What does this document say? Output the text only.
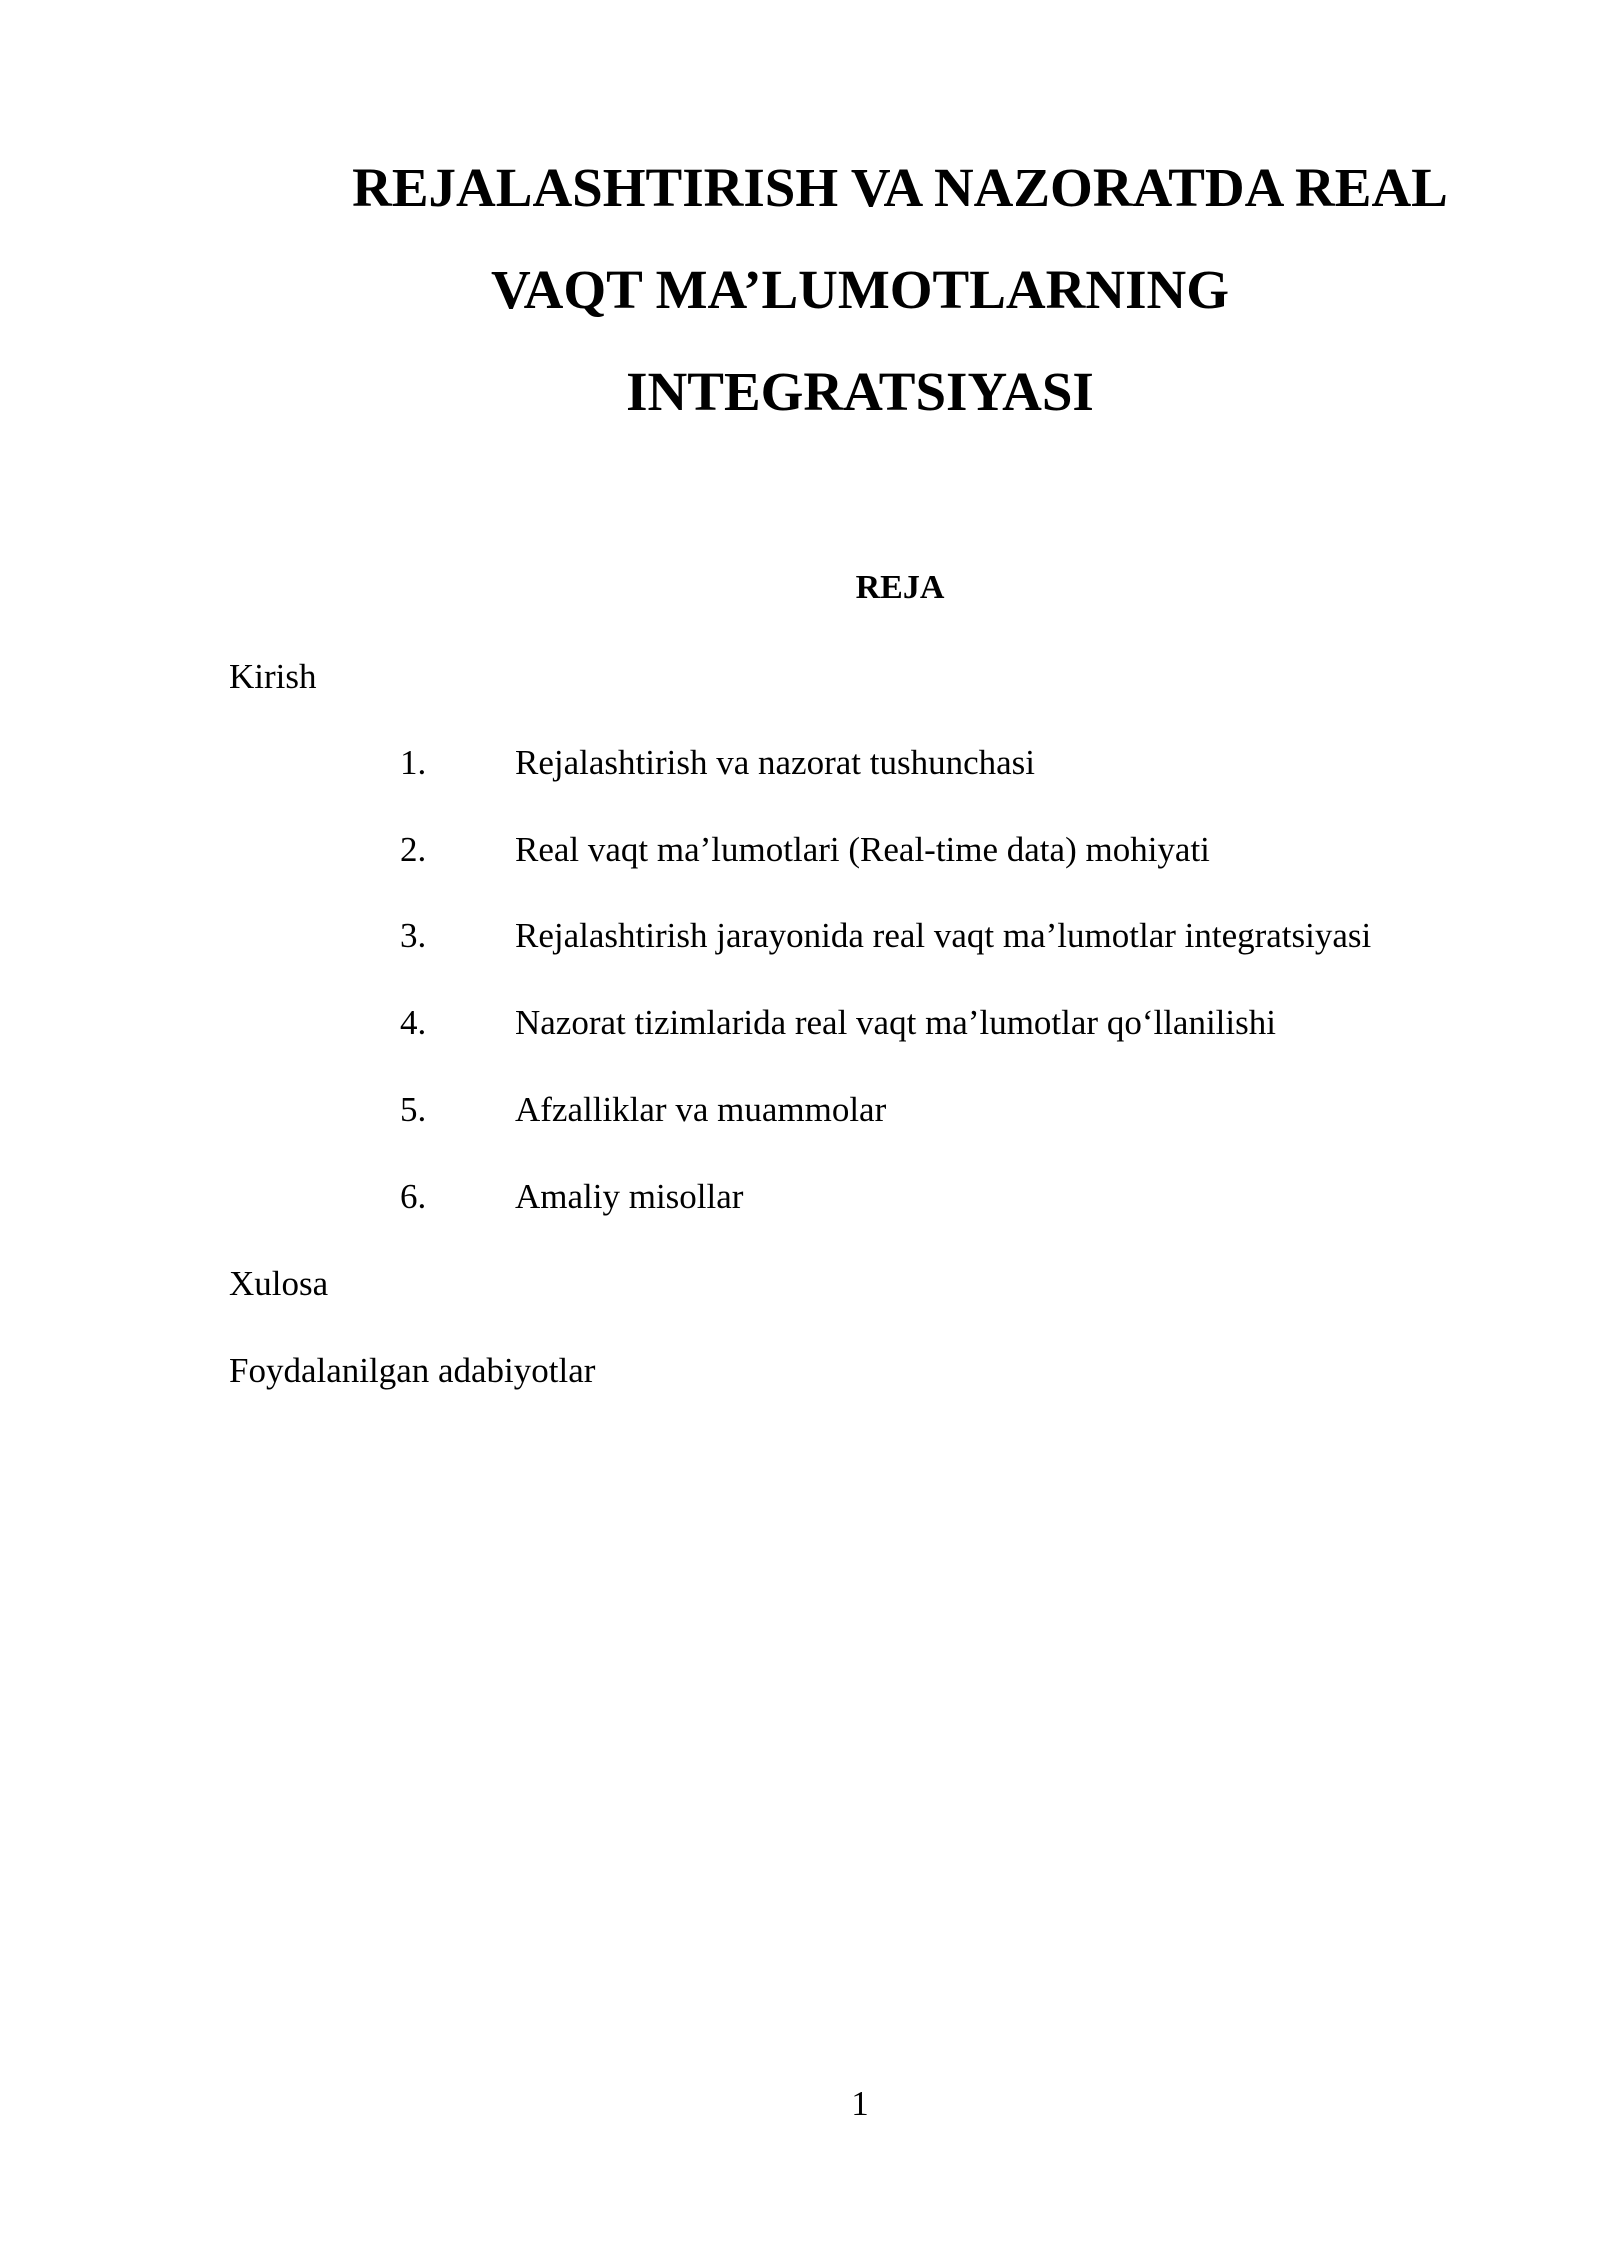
REJALASHTIRISH VA NAZORATDA REAL
VAQT MA’LUMOTLARNING
INTEGRATSIYASI
REJA
Kirish
1.	Rejalashtirish va nazorat tushunchasi
2.	Real vaqt ma’lumotlari (Real-time data) mohiyati
3.	Rejalashtirish jarayonida real vaqt ma’lumotlar integratsiyasi
4.	Nazorat tizimlarida real vaqt ma’lumotlar qo‘llanilishi
5.	Afzalliklar va muammolar
6.	Amaliy misollar
Xulosa
Foydalanilgan adabiyotlar
1
